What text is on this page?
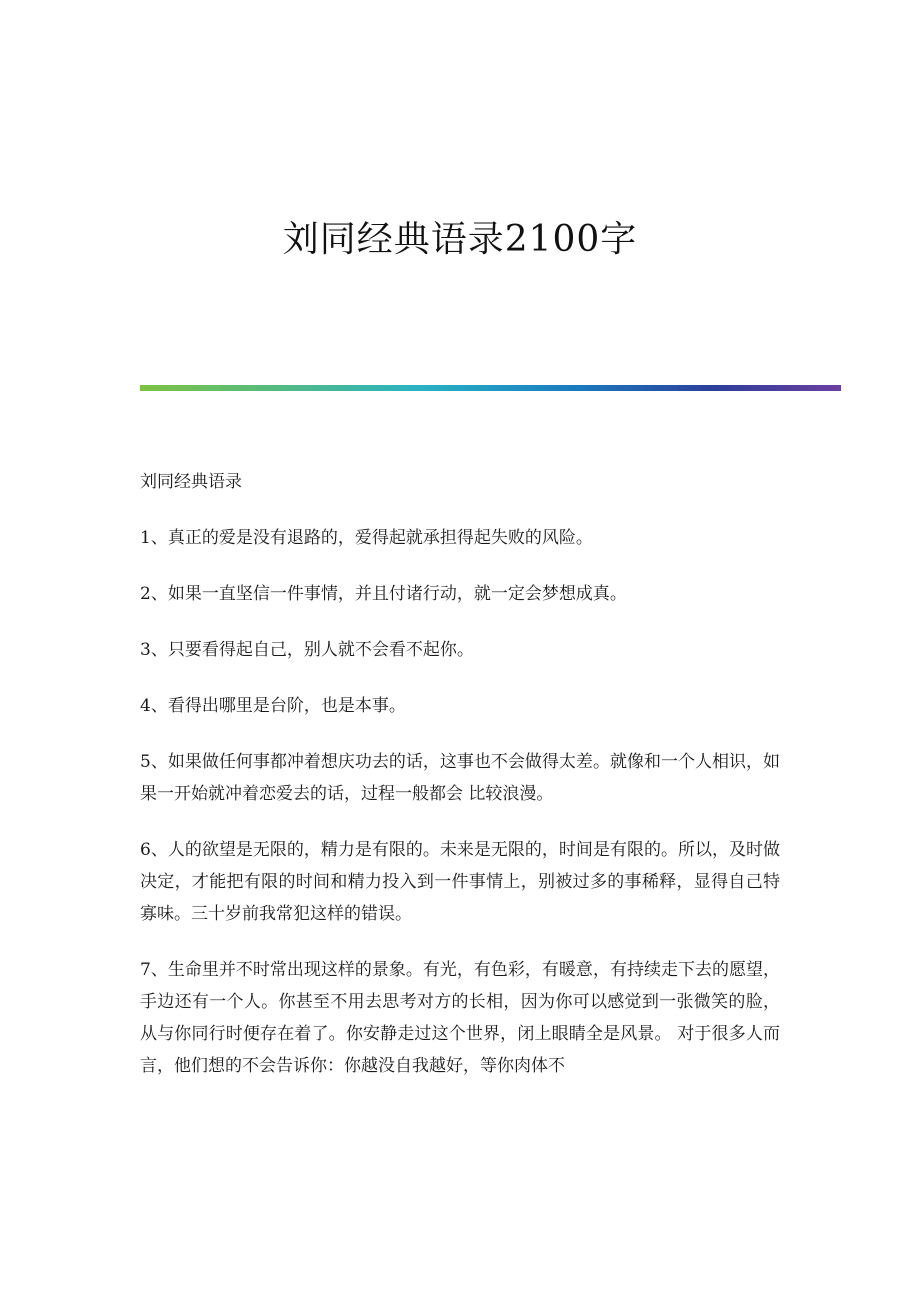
刘同经典语录2100字

刘同经典语录

1、真正的爱是没有退路的，爱得起就承担得起失败的风险。

2、如果一直坚信一件事情，并且付诸行动，就一定会梦想成真。

3、只要看得起自己，别人就不会看不起你。

4、看得出哪里是台阶，也是本事。

5、如果做任何事都冲着想庆功去的话，这事也不会做得太差。就像和一个人相识，如果一开始就冲着恋爱去的话，过程一般都会 比较浪漫。

6、人的欲望是无限的，精力是有限的。未来是无限的，时间是有限的。所以，及时做决定，才能把有限的时间和精力投入到一件事情上，别被过多的事稀释，显得自己特寡味。三十岁前我常犯这样的错误。

7、生命里并不时常出现这样的景象。有光，有色彩，有暖意，有持续走下去的愿望，手边还有一个人。你甚至不用去思考对方的长相，因为你可以感觉到一张微笑的脸，从与你同行时便存在着了。你安静走过这个世界，闭上眼睛全是风景。 对于很多人而言，他们想的不会告诉你：你越没自我越好，等你肉体不
